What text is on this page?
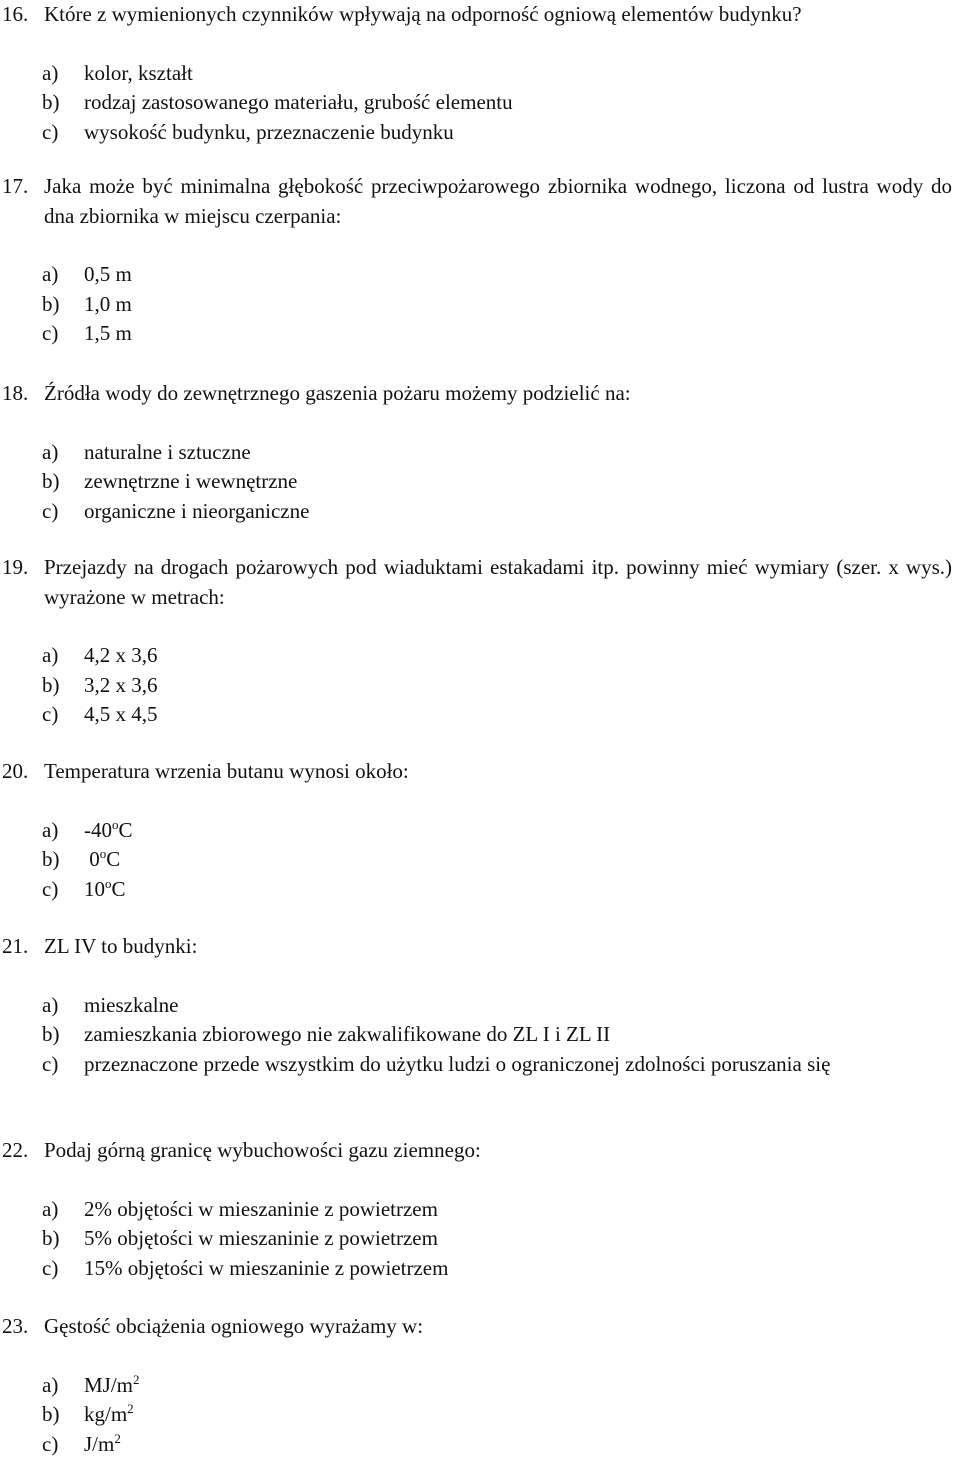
16. Które z wymienionych czynników wpływają na odporność ogniową elementów budynku?
a)	kolor, kształt
b)	rodzaj zastosowanego materiału, grubość elementu
c)	wysokość budynku, przeznaczenie budynku
17. Jaka może być minimalna głębokość przeciwpożarowego zbiornika wodnego, liczona od lustra wody do dna zbiornika w miejscu czerpania:
a)	0,5 m
b)	1,0 m
c)	1,5 m
18. Źródła wody do zewnętrznego gaszenia pożaru możemy podzielić na:
a)	naturalne i sztuczne
b)	zewnętrzne i wewnętrzne
c)	organiczne i nieorganiczne
19. Przejazdy na drogach pożarowych pod wiaduktami estakadami itp. powinny mieć wymiary (szer. x wys.) wyrażone w metrach:
a)	4,2 x 3,6
b)	3,2 x 3,6
c)	4,5 x 4,5
20. Temperatura wrzenia butanu wynosi około:
a)	-40$^o$C
b)	0$^o$C
c)	10$^o$C
21. ZL IV to budynki:
a)	mieszkalne
b)	zamieszkania zbiorowego nie zakwalifikowane do ZL I i ZL II
c)	przeznaczone przede wszystkim do użytku ludzi o ograniczonej zdolności poruszania się
22. Podaj górną granicę wybuchowości gazu ziemnego:
a)	2% objętości w mieszaninie z powietrzem
b)	5% objętości w mieszaninie z powietrzem
c)	15% objętości w mieszaninie z powietrzem
23. Gęstość obciążenia ogniowego wyrażamy w:
a)	$MJ/m^2$
b)	$kg/m^2$
c)	$J/m^2$
